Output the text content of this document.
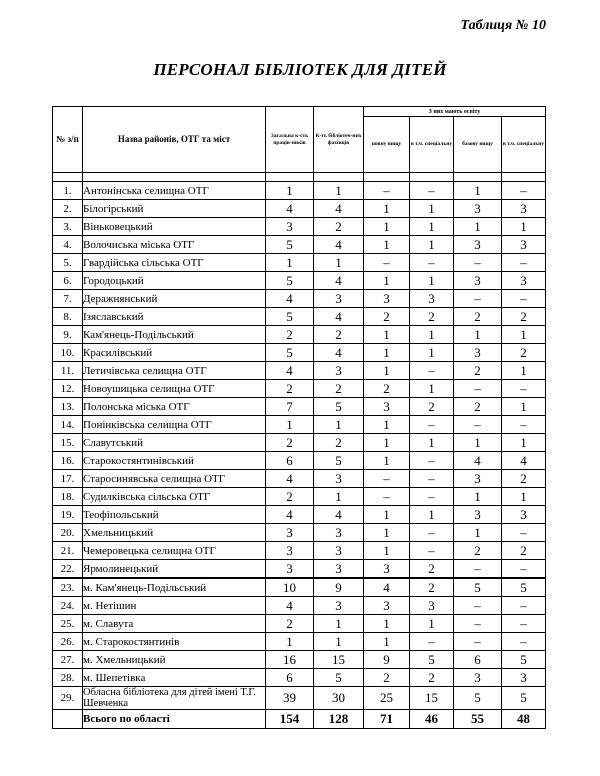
Таблиця № 10
ПЕРСОНАЛ БІБЛІОТЕК ДЛЯ ДІТЕЙ
№ з/п	Назва районів, ОТГ та міст	Загальна к-сть праців-ників	К-ть бібліотеч-них фахівців	З них мають освіту			
				повну вищу	в т.ч. спеціальну	базову вищу	в т.ч. спеціальну

1.	Антонінська селищна ОТГ	1	1	–	–	1	–
2.	Білогірський	4	4	1	1	3	3
3.	Віньковецький	3	2	1	1	1	1
4.	Волочиська міська ОТГ	5	4	1	1	3	3
5.	Гвардійська сільська ОТГ	1	1	–	–	–	–
6.	Городоцький	5	4	1	1	3	3
7.	Деражнянський	4	3	3	3	–	–
8.	Ізяславський	5	4	2	2	2	2
9.	Кам'янець-Подільський	2	2	1	1	1	1
10.	Красилівський	5	4	1	1	3	2
11.	Летичівська селищна ОТГ	4	3	1	–	2	1
12.	Новоушицька селищна ОТГ	2	2	2	1	–	–
13.	Полонська міська ОТГ	7	5	3	2	2	1
14.	Понінківська селищна ОТГ	1	1	1	–	–	–
15.	Славутський	2	2	1	1	1	1
16.	Старокостянтинівський	6	5	1	–	4	4
17.	Старосинявська селищна ОТГ	4	3	–	–	3	2
18.	Судилківська сільська ОТГ	2	1	–	–	1	1
19.	Теофіпольський	4	4	1	1	3	3
20.	Хмельницький	3	3	1	–	1	–
21.	Чемеровецька селищна ОТГ	3	3	1	–	2	2
22.	Ярмолинецький	3	3	3	2	–	–
23.	м. Кам'янець-Подільський	10	9	4	2	5	5
24.	м. Нетішин	4	3	3	3	–	–
25.	м. Славута	2	1	1	1	–	–
26.	м. Старокостянтинів	1	1	1	–	–	–
27.	м. Хмельницький	16	15	9	5	6	5
28.	м. Шепетівка	6	5	2	2	3	3
29.	Обласна бібліотека для дітей імені Т.Г. Шевченка	39	30	25	15	5	5
	Всього по області	154	128	71	46	55	48
